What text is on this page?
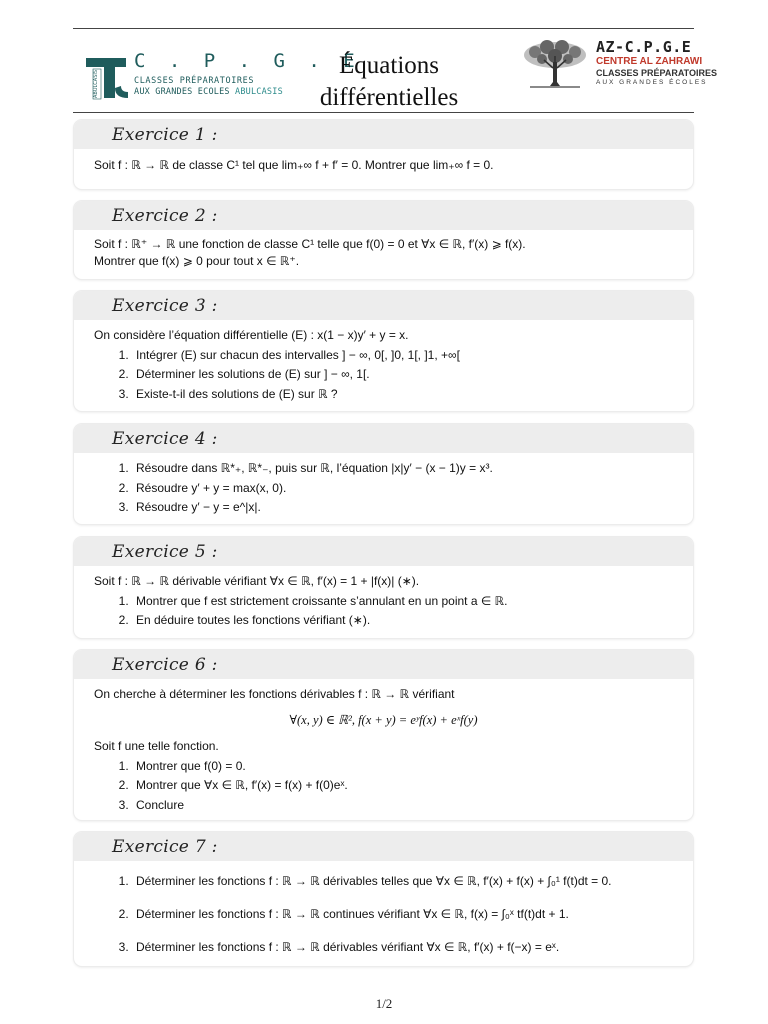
ABULCASIS
C . P . G . E
CLASSES PRÉPARATOIRES
AUX GRANDES ECOLES ABULCASIS
Équations
différentielles
AZ-C.P.G.E
CENTRE AL ZAHRAWI
CLASSES PRÉPARATOIRES
AUX GRANDES ÉCOLES
Exercice 1 :
Soit f : ℝ → ℝ de classe C¹ tel que lim₊∞ f + f′ = 0. Montrer que lim₊∞ f = 0.
Exercice 2 :
Soit f : ℝ⁺ → ℝ une fonction de classe C¹ telle que f(0) = 0 et ∀x ∈ ℝ, f′(x) ⩾ f(x).
Montrer que f(x) ⩾ 0 pour tout x ∈ ℝ⁺.
Exercice 3 :
On considère l’équation différentielle (E) : x(1 − x)y′ + y = x.
1. Intégrer (E) sur chacun des intervalles ] − ∞, 0[, ]0, 1[, ]1, +∞[
2. Déterminer les solutions de (E) sur ] − ∞, 1[.
3. Existe-t-il des solutions de (E) sur ℝ ?
Exercice 4 :
1. Résoudre dans ℝ*₊, ℝ*₋, puis sur ℝ, l’équation |x|y′ − (x − 1)y = x³.
2. Résoudre y′ + y = max(x, 0).
3. Résoudre y′ − y = e^|x|.
Exercice 5 :
Soit f : ℝ → ℝ dérivable vérifiant ∀x ∈ ℝ, f′(x) = 1 + |f(x)| (∗).
1. Montrer que f est strictement croissante s’annulant en un point a ∈ ℝ.
2. En déduire toutes les fonctions vérifiant (∗).
Exercice 6 :
On cherche à déterminer les fonctions dérivables f : ℝ → ℝ vérifiant
∀(x, y) ∈ ℝ², f(x + y) = eʸf(x) + eˣf(y)
Soit f une telle fonction.
1. Montrer que f(0) = 0.
2. Montrer que ∀x ∈ ℝ, f′(x) = f(x) + f(0)eˣ.
3. Conclure
Exercice 7 :
1. Déterminer les fonctions f : ℝ → ℝ dérivables telles que ∀x ∈ ℝ, f′(x) + f(x) + ∫₀¹ f(t)dt = 0.
2. Déterminer les fonctions f : ℝ → ℝ continues vérifiant ∀x ∈ ℝ, f(x) = ∫₀ˣ tf(t)dt + 1.
3. Déterminer les fonctions f : ℝ → ℝ dérivables vérifiant ∀x ∈ ℝ, f′(x) + f(−x) = eˣ.
1/2
